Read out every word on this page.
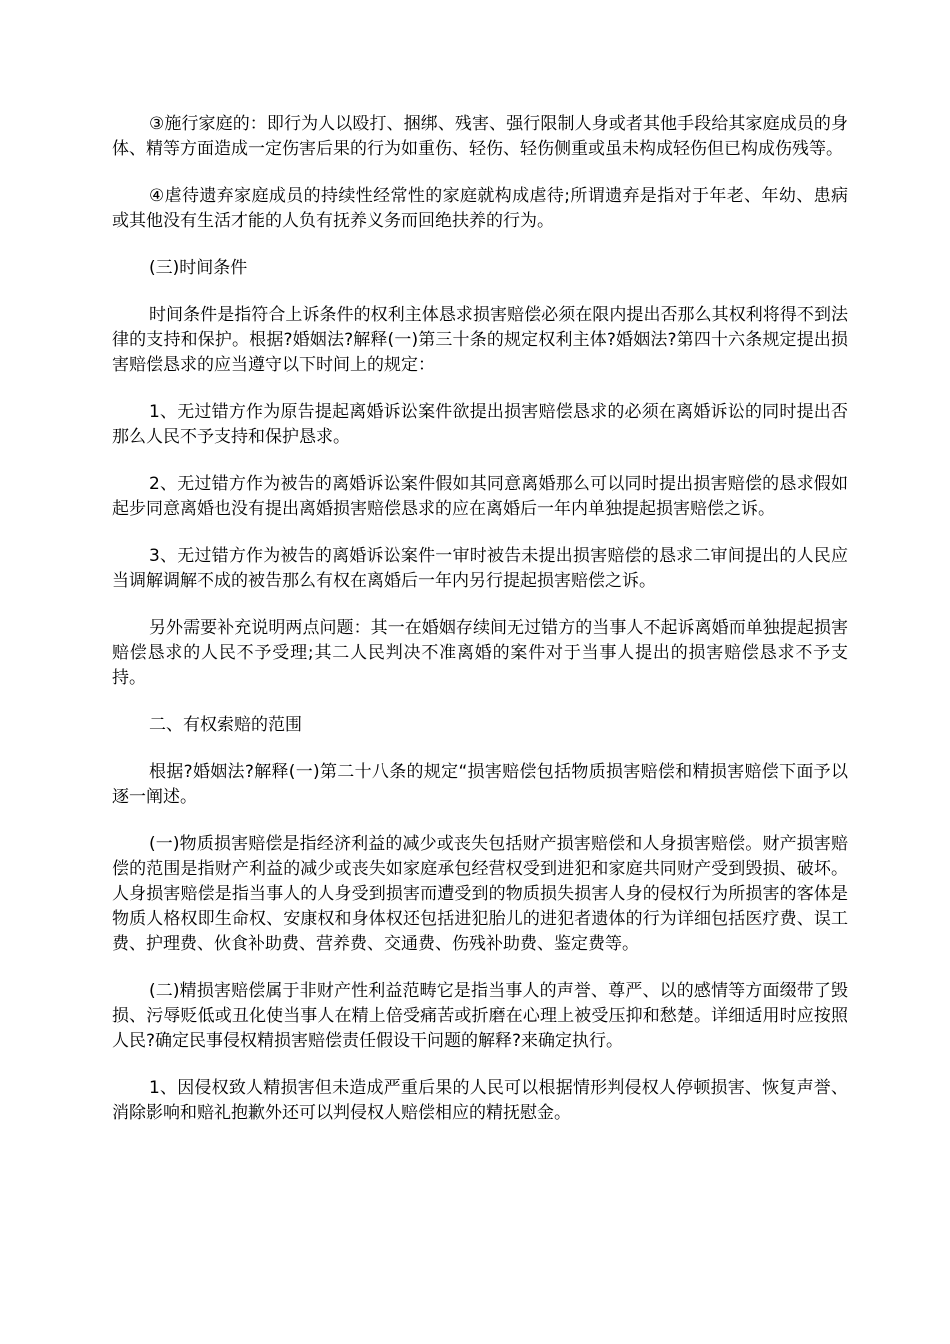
③施行家庭的：即行为人以殴打、捆绑、残害、强行限制人身或者其他手段给其家庭成员的身体、精等方面造成一定伤害后果的行为如重伤、轻伤、轻伤侧重或虽未构成轻伤但已构成伤残等。

④虐待遗弃家庭成员的持续性经常性的家庭就构成虐待;所谓遗弃是指对于年老、年幼、患病或其他没有生活才能的人负有抚养义务而回绝扶养的行为。

(三)时间条件

时间条件是指符合上诉条件的权利主体恳求损害赔偿必须在限内提出否那么其权利将得不到法律的支持和保护。根据?婚姻法?解释(一)第三十条的规定权利主体?婚姻法?第四十六条规定提出损害赔偿恳求的应当遵守以下时间上的规定：

1、无过错方作为原告提起离婚诉讼案件欲提出损害赔偿恳求的必须在离婚诉讼的同时提出否那么人民不予支持和保护恳求。

2、无过错方作为被告的离婚诉讼案件假如其同意离婚那么可以同时提出损害赔偿的恳求假如起步同意离婚也没有提出离婚损害赔偿恳求的应在离婚后一年内单独提起损害赔偿之诉。

3、无过错方作为被告的离婚诉讼案件一审时被告未提出损害赔偿的恳求二审间提出的人民应当调解调解不成的被告那么有权在离婚后一年内另行提起损害赔偿之诉。

另外需要补充说明两点问题：其一在婚姻存续间无过错方的当事人不起诉离婚而单独提起损害赔偿恳求的人民不予受理;其二人民判决不准离婚的案件对于当事人提出的损害赔偿恳求不予支持。

二、有权索赔的范围

根据?婚姻法?解释(一)第二十八条的规定“损害赔偿包括物质损害赔偿和精损害赔偿下面予以逐一阐述。

(一)物质损害赔偿是指经济利益的减少或丧失包括财产损害赔偿和人身损害赔偿。财产损害赔偿的范围是指财产利益的减少或丧失如家庭承包经营权受到进犯和家庭共同财产受到毁损、破坏。人身损害赔偿是指当事人的人身受到损害而遭受到的物质损失损害人身的侵权行为所损害的客体是物质人格权即生命权、安康权和身体权还包括进犯胎儿的进犯者遗体的行为详细包括医疗费、误工费、护理费、伙食补助费、营养费、交通费、伤残补助费、鉴定费等。

(二)精损害赔偿属于非财产性利益范畴它是指当事人的声誉、尊严、以的感情等方面缀带了毁损、污辱贬低或丑化使当事人在精上倍受痛苦或折磨在心理上被受压抑和愁楚。详细适用时应按照人民?确定民事侵权精损害赔偿责任假设干问题的解释?来确定执行。

1、因侵权致人精损害但未造成严重后果的人民可以根据情形判侵权人停顿损害、恢复声誉、消除影响和赔礼抱歉外还可以判侵权人赔偿相应的精抚慰金。
